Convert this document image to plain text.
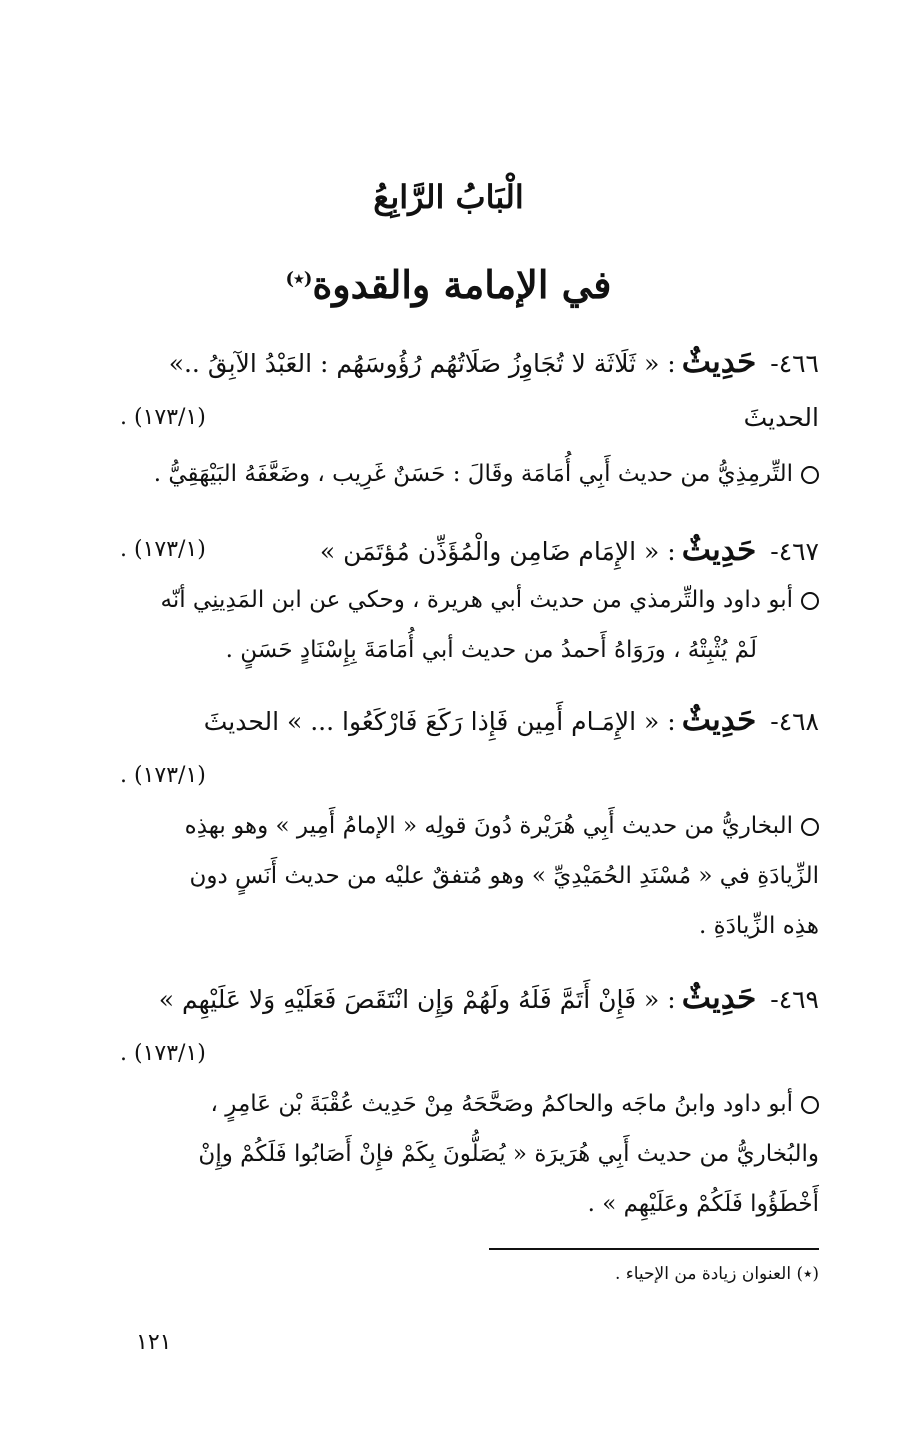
الْبَابُ الرَّابِعُ
في الإمامة والقدوة(٭)
٤٦٦-حَدِيثٌ: « ثَلَاثَة لا تُجَاوِزُ صَلَاتُهُم رُؤُوسَهُم : العَبْدُ الآبِقُ ..»
الحديثَ
(١٧٣/١) .
التِّرمِذِيُّ من حديث أَبِي أُمَامَة وقَالَ : حَسَنٌ غَرِيب ، وضَعَّفَهُ البَيْهَقِيُّ .
٤٦٧-حَدِيثٌ: « الإِمَام ضَامِن والْمُؤَذِّن مُؤتَمَن »
(١٧٣/١) .
أبو داود والتِّرمذي من حديث أبي هريرة ، وحكي عن ابن المَدِينِي أنّه
لَمْ يُثْبِتْهُ ، ورَوَاهُ أَحمدُ من حديث أبي أُمَامَةَ بِإِسْنَادٍ حَسَنٍ .
٤٦٨-حَدِيثٌ: « الإِمَـام أَمِين فَإِذا رَكَعَ فَارْكَعُوا ... » الحديثَ
(١٧٣/١) .
البخاريُّ من حديث أَبِي هُرَيْرة دُونَ قولِه « الإمامُ أَمِير » وهو بهذِه
الزِّيادَةِ في « مُسْنَدِ الحُمَيْدِيِّ » وهو مُتفقٌ عليْه من حديث أَنَسٍ دون
هذِه الزِّيادَةِ .
٤٦٩-حَدِيثٌ: « فَإِنْ أَتَمَّ فَلَهُ ولَهُمْ وَإِن انْتَقَصَ فَعَلَيْهِ وَلا عَلَيْهِم »
(١٧٣/١) .
أبو داود وابنُ ماجَه والحاكمُ وصَحَّحَهُ مِنْ حَدِيث عُقْبَةَ بْن عَامِرٍ ،
والبُخاريُّ من حديث أَبِي هُرَيرَة « يُصَلُّونَ بِكَمْ فإِنْ أَصَابُوا فَلَكُمْ وإِنْ
أَخْطَؤُوا فَلَكُمْ وعَلَيْهِم » .
(٭) العنوان زيادة من الإحياء .
١٢١
